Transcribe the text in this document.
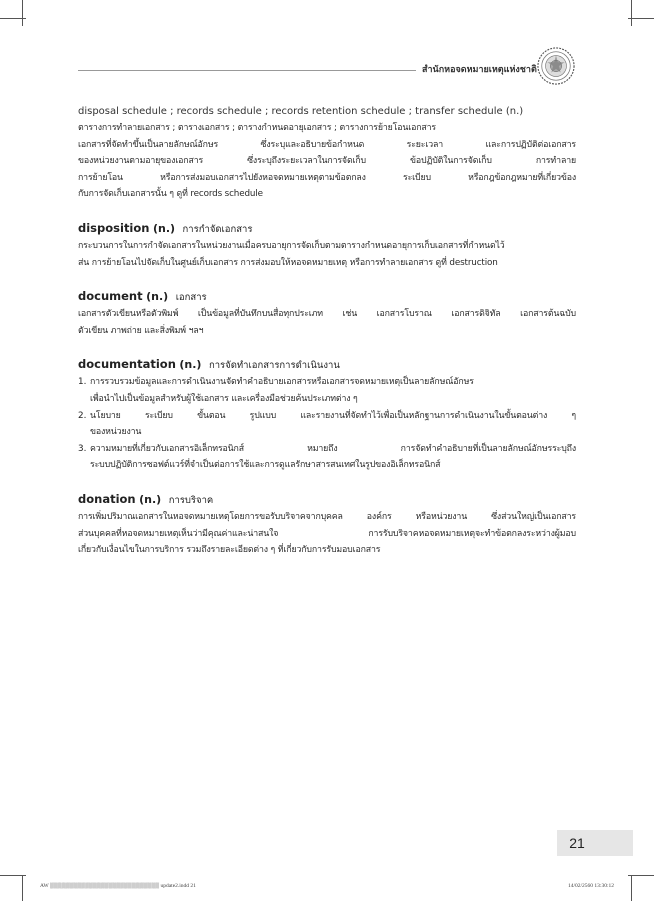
สำนักหอจดหมายเหตุแห่งชาติ
disposal schedule ; records schedule ; records retention schedule ; transfer schedule (n.)
ตารางการทำลายเอกสาร ; ตารางเอกสาร ; ตารางกำหนดอายุเอกสาร ; ตารางการย้ายโอนเอกสาร
เอกสารที่จัดทำขึ้นเป็นลายลักษณ์อักษร ซึ่งระบุและอธิบายข้อกำหนด ระยะเวลา และการปฏิบัติต่อเอกสาร
ของหน่วยงานตามอายุของเอกสาร ซึ่งระบุถึงระยะเวลาในการจัดเก็บ ข้อปฏิบัติในการจัดเก็บ การทำลาย
การย้ายโอน หรือการส่งมอบเอกสารไปยังหอจดหมายเหตุตามข้อตกลง ระเบียบ หรือกฎข้อกฎหมายที่เกี่ยวข้อง
กับการจัดเก็บเอกสารนั้น ๆ ดูที่ records schedule
disposition (n.) การกำจัดเอกสาร
กระบวนการในการกำจัดเอกสารในหน่วยงานเมื่อครบอายุการจัดเก็บตามตารางกำหนดอายุการเก็บเอกสารที่กำหนดไว้
ส่น การย้ายโอนไปจัดเก็บในศูนย์เก็บเอกสาร การส่งมอบให้หอจดหมายเหตุ หรือการทำลายเอกสาร ดูที่ destruction
document (n.) เอกสาร
เอกสารตัวเขียนหรือตัวพิมพ์ เป็นข้อมูลที่บันทึกบนสื่อทุกประเภท เช่น เอกสารโบราณ เอกสารดิจิทัล เอกสารต้นฉบับ
ตัวเขียน ภาพถ่าย และสิ่งพิมพ์ ฯลฯ
documentation (n.) การจัดทำเอกสารการดำเนินงาน
1. การรวบรวมข้อมูลและการดำเนินงานจัดทำคำอธิบายเอกสารหรือเอกสารจดหมายเหตุเป็นลายลักษณ์อักษร
เพื่อนำไปเป็นข้อมูลสำหรับผู้ใช้เอกสาร และเครื่องมือช่วยค้นประเภทต่าง ๆ
2. นโยบาย ระเบียบ ขั้นตอน รูปแบบ และรายงานที่จัดทำไว้เพื่อเป็นหลักฐานการดำเนินงานในขั้นตอนต่าง ๆ
ของหน่วยงาน
3. ความหมายที่เกี่ยวกับเอกสารอิเล็กทรอนิกส์ หมายถึง การจัดทำคำอธิบายที่เป็นลายลักษณ์อักษรระบุถึง
ระบบปฏิบัติการซอฟต์แวร์ที่จำเป็นต่อการใช้และการดูแลรักษาสารสนเทศในรูปของอิเล็กทรอนิกส์
donation (n.) การบริจาค
การเพิ่มปริมาณเอกสารในหอจดหมายเหตุโดยการขอรับบริจาคจากบุคคล องค์กร หรือหน่วยงาน ซึ่งส่วนใหญ่เป็นเอกสาร
ส่วนบุคคลที่หอจดหมายเหตุเห็นว่ามีคุณค่าและน่าสนใจ การรับบริจาคหอจดหมายเหตุจะทำข้อตกลงระหว่างผู้มอบ
เกี่ยวกับเงื่อนไขในการบริการ รวมถึงรายละเอียดต่าง ๆ ที่เกี่ยวกับการรับมอบเอกสาร
21
AW ▒▒▒▒▒▒▒▒▒▒▒▒▒▒▒▒▒▒▒▒▒▒▒▒▒▒▒▒ update2.indd 21	14/02/2560 13:30:12
